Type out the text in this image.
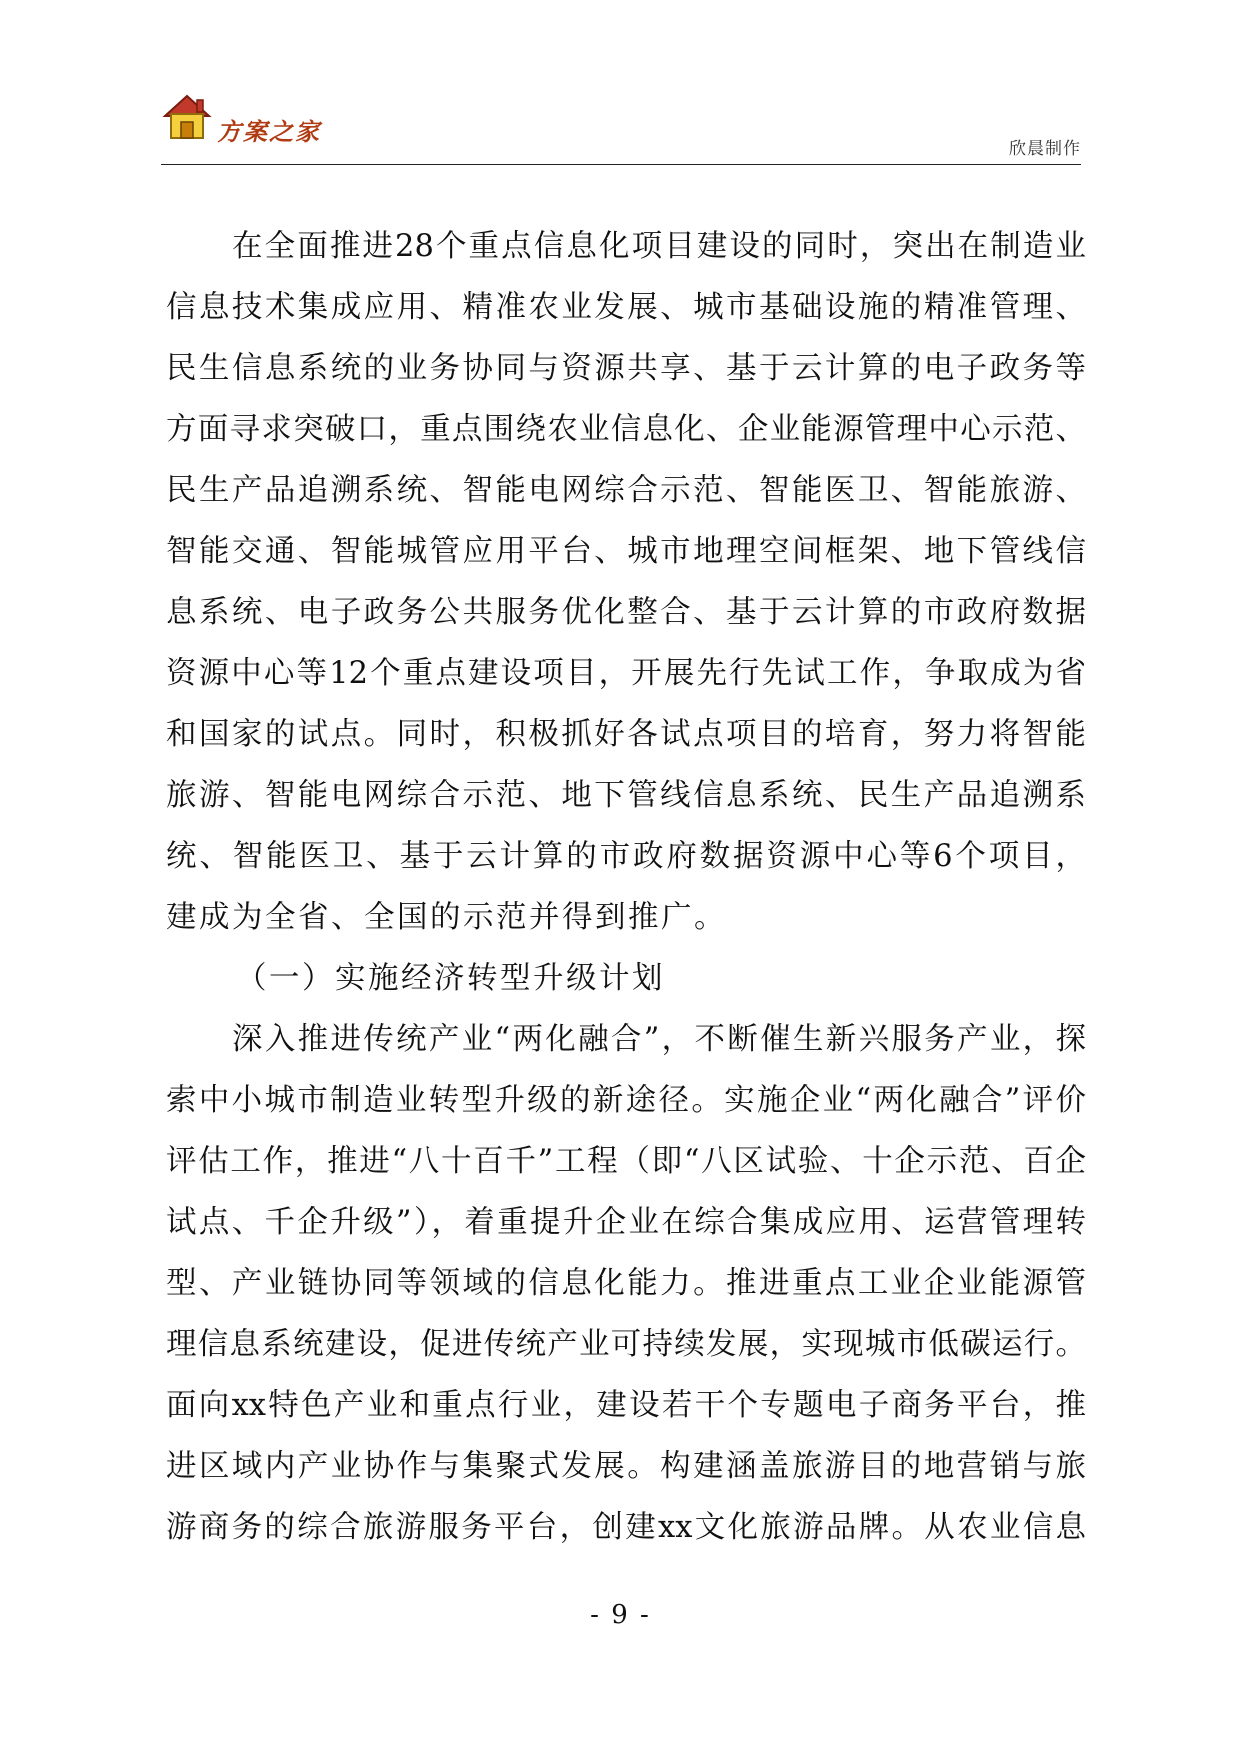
方案之家
欣晨制作
在全面推进28个重点信息化项目建设的同时，突出在制造业
信息技术集成应用、精准农业发展、城市基础设施的精准管理、
民生信息系统的业务协同与资源共享、基于云计算的电子政务等
方面寻求突破口，重点围绕农业信息化、企业能源管理中心示范、
民生产品追溯系统、智能电网综合示范、智能医卫、智能旅游、
智能交通、智能城管应用平台、城市地理空间框架、地下管线信
息系统、电子政务公共服务优化整合、基于云计算的市政府数据
资源中心等12个重点建设项目，开展先行先试工作，争取成为省
和国家的试点。同时，积极抓好各试点项目的培育，努力将智能
旅游、智能电网综合示范、地下管线信息系统、民生产品追溯系
统、智能医卫、基于云计算的市政府数据资源中心等6个项目，
建成为全省、全国的示范并得到推广。
（一）实施经济转型升级计划
深入推进传统产业“两化融合”，不断催生新兴服务产业，探
索中小城市制造业转型升级的新途径。实施企业“两化融合”评价
评估工作，推进“八十百千”工程（即“八区试验、十企示范、百企
试点、千企升级”），着重提升企业在综合集成应用、运营管理转
型、产业链协同等领域的信息化能力。推进重点工业企业能源管
理信息系统建设，促进传统产业可持续发展，实现城市低碳运行。
面向xx特色产业和重点行业，建设若干个专题电子商务平台，推
进区域内产业协作与集聚式发展。构建涵盖旅游目的地营销与旅
游商务的综合旅游服务平台，创建xx文化旅游品牌。从农业信息
- 9 -
